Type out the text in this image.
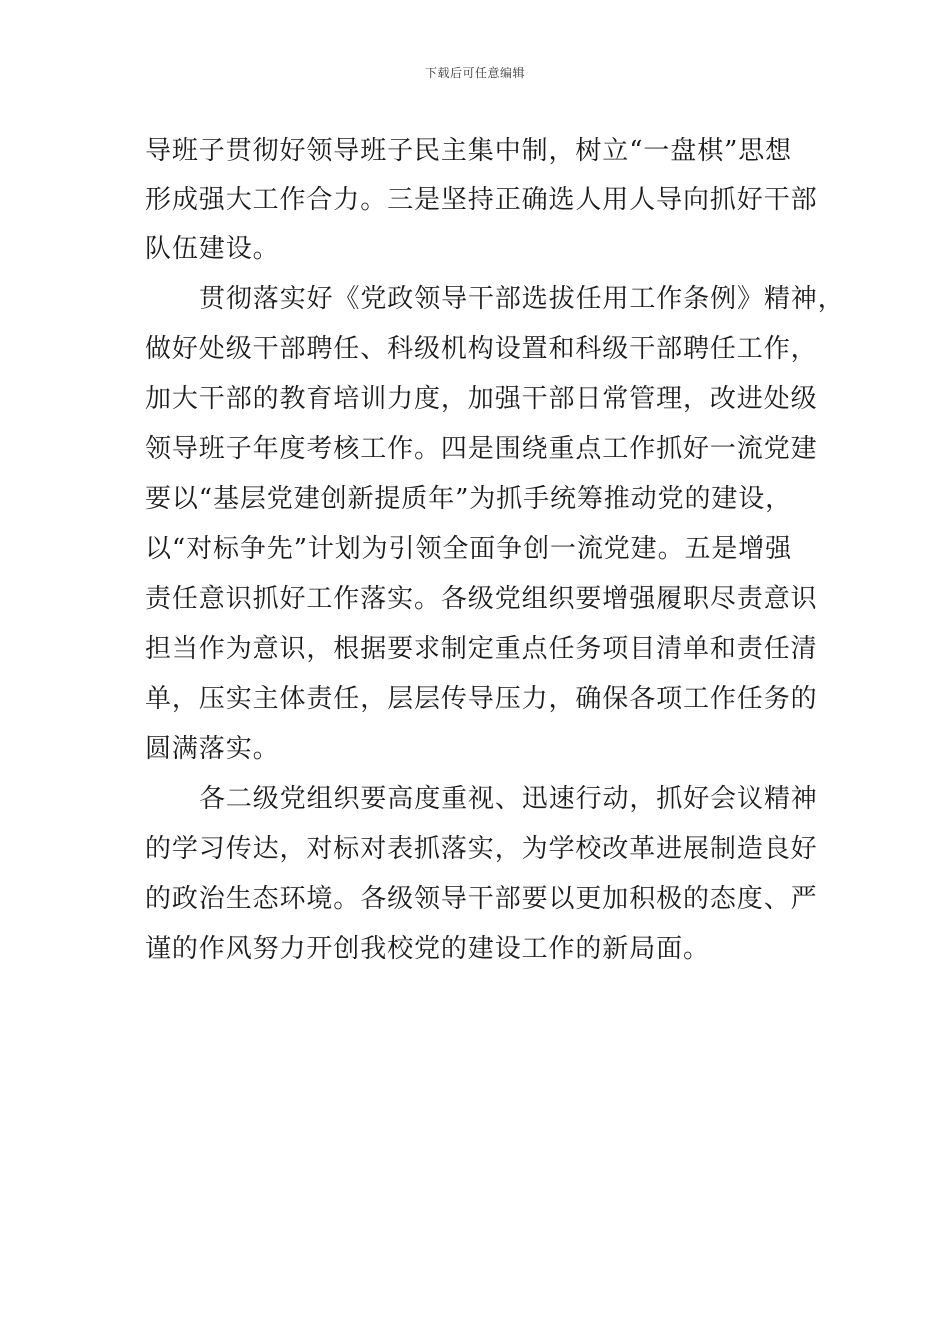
下载后可任意编辑
导班子贯彻好领导班子民主集中制，树立“一盘棋”思想
形成强大工作合力。三是坚持正确选人用人导向抓好干部
队伍建设。
贯彻落实好《党政领导干部选拔任用工作条例》精神，
做好处级干部聘任、科级机构设置和科级干部聘任工作，
加大干部的教育培训力度，加强干部日常管理，改进处级
领导班子年度考核工作。四是围绕重点工作抓好一流党建
要以“基层党建创新提质年”为抓手统筹推动党的建设，
以“对标争先”计划为引领全面争创一流党建。五是增强
责任意识抓好工作落实。各级党组织要增强履职尽责意识
担当作为意识，根据要求制定重点任务项目清单和责任清
单，压实主体责任，层层传导压力，确保各项工作任务的
圆满落实。
各二级党组织要高度重视、迅速行动，抓好会议精神
的学习传达，对标对表抓落实，为学校改革进展制造良好
的政治生态环境。各级领导干部要以更加积极的态度、严
谨的作风努力开创我校党的建设工作的新局面。
